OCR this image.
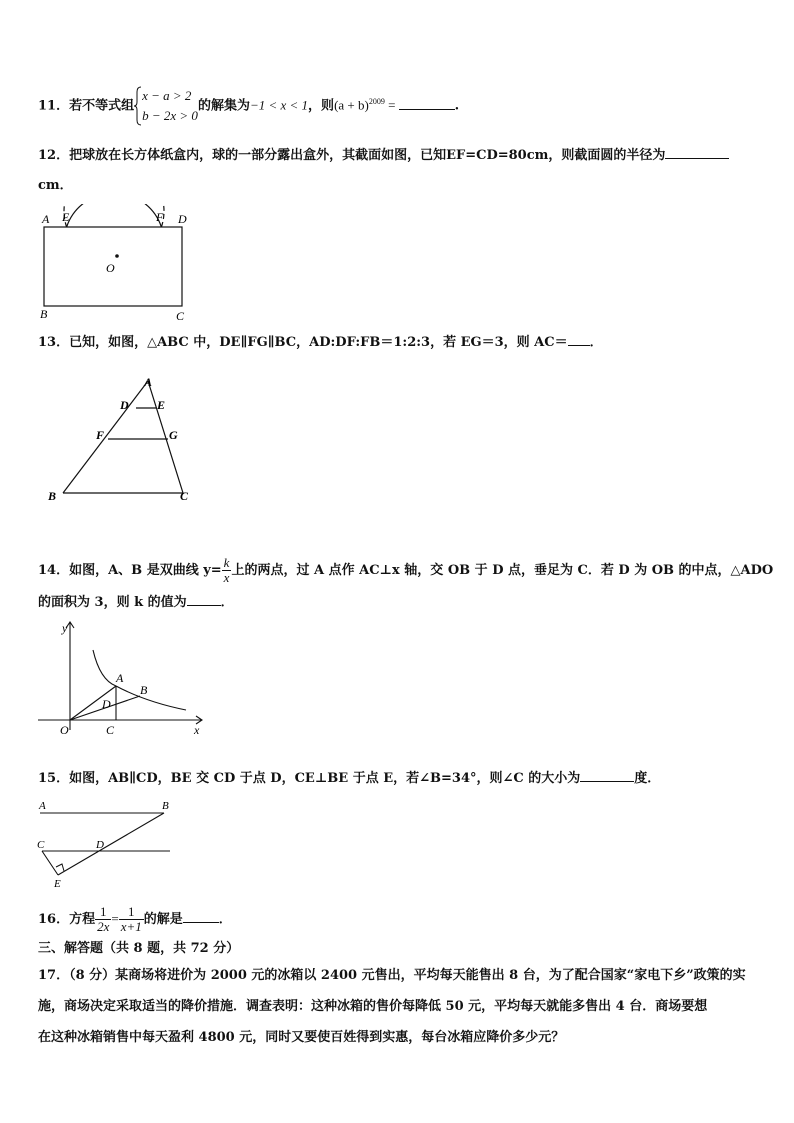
11．若不等式组
x − a > 2
b − 2x > 0
的解集为−1 < x < 1，则$(a + b)^{2009}$ =	.
12．把球放在长方体纸盒内，球的一部分露出盒外，其截面如图，已知EF=CD=80cm，则截面圆的半径为
cm．
A E	F D
O
B	C
13．已知，如图，△ABC 中，DE∥FG∥BC，AD:DF:FB＝1:2:3，若 EG＝3，则 AC＝ ．
A
D E
F	G
B	C
14．如图，A、B 是双曲线 $y= \frac{k}{x}$ 上的两点，过 A 点作 AC⊥x 轴，交 OB 于 D 点，垂足为 C．若 D 为 OB 的中点，△ADO
的面积为 3，则 k 的值为	．
y
x
O	C
A
B
D
15．如图，AB∥CD，BE 交 CD 于点 D，CE⊥BE 于点 E，若∠B=34°，则∠C 的大小为	度．
A	B
C	D
E
16．方程 $\frac{1}{2x} = \frac{1}{x+1}$ 的解是	．
三、解答题（共 8 题，共 72 分）
17．（8 分）某商场将进价为 2000 元的冰箱以 2400 元售出，平均每天能售出 8 台，为了配合国家“家电下乡”政策的实
施，商场决定采取适当的降价措施．调查表明：这种冰箱的售价每降低 50 元，平均每天就能多售出 4 台．商场要想
在这种冰箱销售中每天盈利 4800 元，同时又要使百姓得到实惠，每台冰箱应降价多少元？
